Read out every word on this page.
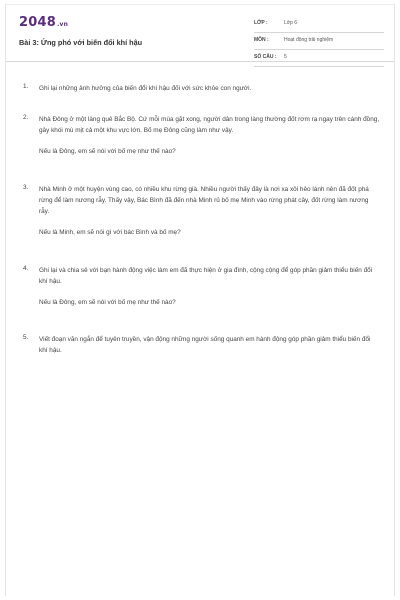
2048.vn
Bài 3: Ứng phó với biến đổi khí hậu
LỚP :	Lớp 6
MÔN :	Hoạt động trải nghiệm
SỐ CÂU : 5
1. Ghi lại những ảnh hưởng của biến đổi khí hậu đối với sức khỏe con người.
2. Nhà Đông ở một làng quê Bắc Bộ. Cứ mỗi mùa gặt xong, người dân trong làng thường đốt rơm rạ ngay trên cánh đồng, gây khói mù mịt cả một khu vực lớn. Bố mẹ Đông cũng làm như vậy.
Nếu là Đông, em sẽ nói với bố mẹ như thế nào?
3. Nhà Minh ở một huyện vùng cao, có nhiều khu rừng già. Nhiều người thấy đây là nơi xa xôi hẻo lánh nên đã đốt phá rừng để làm nương rẫy. Thấy vậy, Bác Bình đã đến nhà Minh rủ bố mẹ Minh vào rừng phát cây, đốt rừng làm nương rẫy.
Nếu là Minh, em sẽ nói gì với bác Bình và bố mẹ?
4. Ghi lại và chia sẻ với bạn hành động việc làm em đã thực hiện ở gia đình, cộng cộng để góp phần giảm thiểu biến đổi khí hậu.
Nếu là Đông, em sẽ nói với bố mẹ như thế nào?
5. Viết đoạn văn ngắn để tuyên truyền, vận động những người sống quanh em hành động góp phần giảm thiểu biến đổi khí hậu.
